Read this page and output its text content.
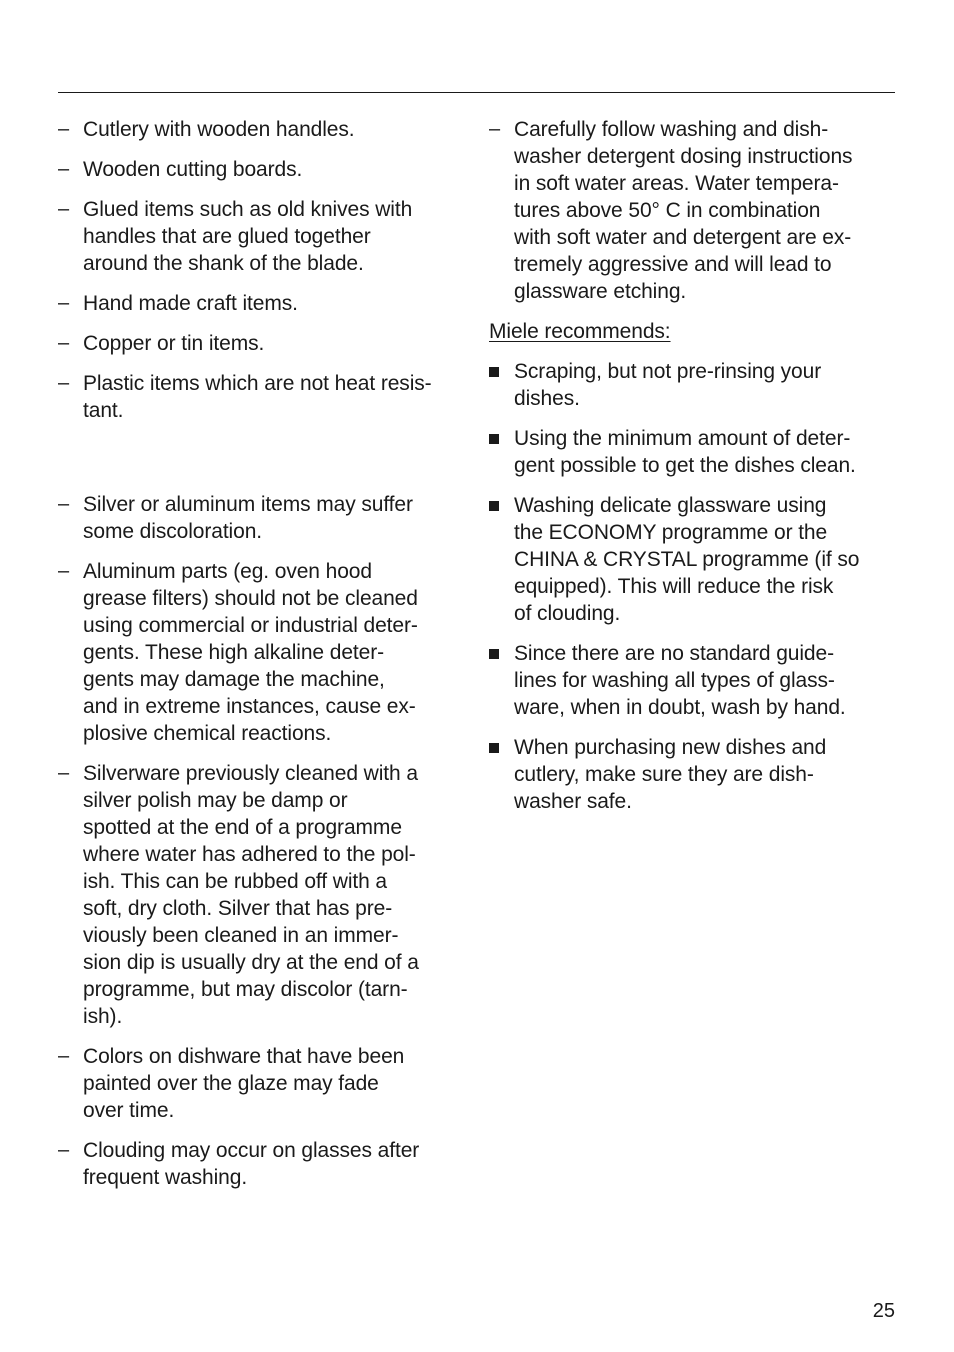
– Cutlery with wooden handles.
– Wooden cutting boards.
– Glued items such as old knives with
handles that are glued together
around the shank of the blade.
– Hand made craft items.
– Copper or tin items.
– Plastic items which are not heat resis-
tant.
– Silver or aluminum items may suffer
some discoloration.
– Aluminum parts (eg. oven hood
grease filters) should not be cleaned
using commercial or industrial deter-
gents. These high alkaline deter-
gents may damage the machine,
and in extreme instances, cause ex-
plosive chemical reactions.
– Silverware previously cleaned with a
silver polish may be damp or
spotted at the end of a programme
where water has adhered to the pol-
ish. This can be rubbed off with a
soft, dry cloth. Silver that has pre-
viously been cleaned in an immer-
sion dip is usually dry at the end of a
programme, but may discolor (tarn-
ish).
– Colors on dishware that have been
painted over the glaze may fade
over time.
– Clouding may occur on glasses after
frequent washing.
– Carefully follow washing and dish-
washer detergent dosing instructions
in soft water areas. Water tempera-
tures above 50° C in combination
with soft water and detergent are ex-
tremely aggressive and will lead to
glassware etching.
Miele recommends:
Scraping, but not pre-rinsing your
dishes.
Using the minimum amount of deter-
gent possible to get the dishes clean.
Washing delicate glassware using
the ECONOMY programme or the
CHINA & CRYSTAL programme (if so
equipped). This will reduce the risk
of clouding.
Since there are no standard guide-
lines for washing all types of glass-
ware, when in doubt, wash by hand.
When purchasing new dishes and
cutlery, make sure they are dish-
washer safe.
25
